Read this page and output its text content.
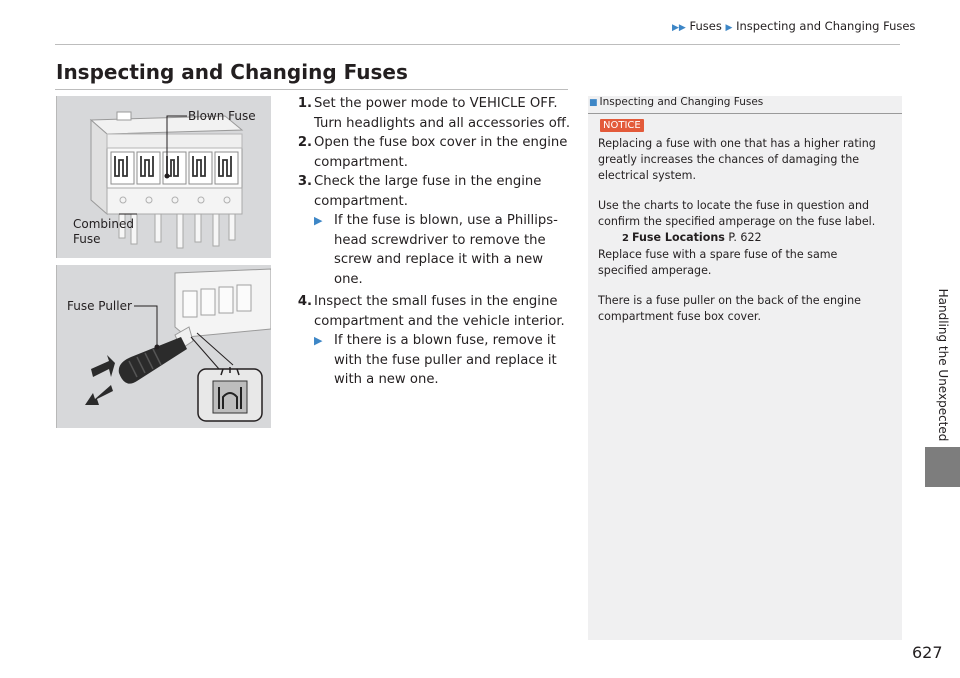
▶▶ Fuses ▶ Inspecting and Changing Fuses
Inspecting and Changing Fuses
Blown Fuse
Combined
Fuse
Fuse Puller
1. Set the power mode to VEHICLE OFF. Turn headlights and all accessories off.
2. Open the fuse box cover in the engine compartment.
3. Check the large fuse in the engine compartment.
▶ If the fuse is blown, use a Phillips-head screwdriver to remove the screw and replace it with a new one.
4. Inspect the small fuses in the engine compartment and the vehicle interior.
▶ If there is a blown fuse, remove it with the fuse puller and replace it with a new one.
■ Inspecting and Changing Fuses
NOTICE

Replacing a fuse with one that has a higher rating greatly increases the chances of damaging the electrical system.

Use the charts to locate the fuse in question and confirm the specified amperage on the fuse label.

2 Fuse Locations P. 622

Replace fuse with a spare fuse of the same specified amperage.

There is a fuse puller on the back of the engine compartment fuse box cover.	Handling the Unexpected
627
